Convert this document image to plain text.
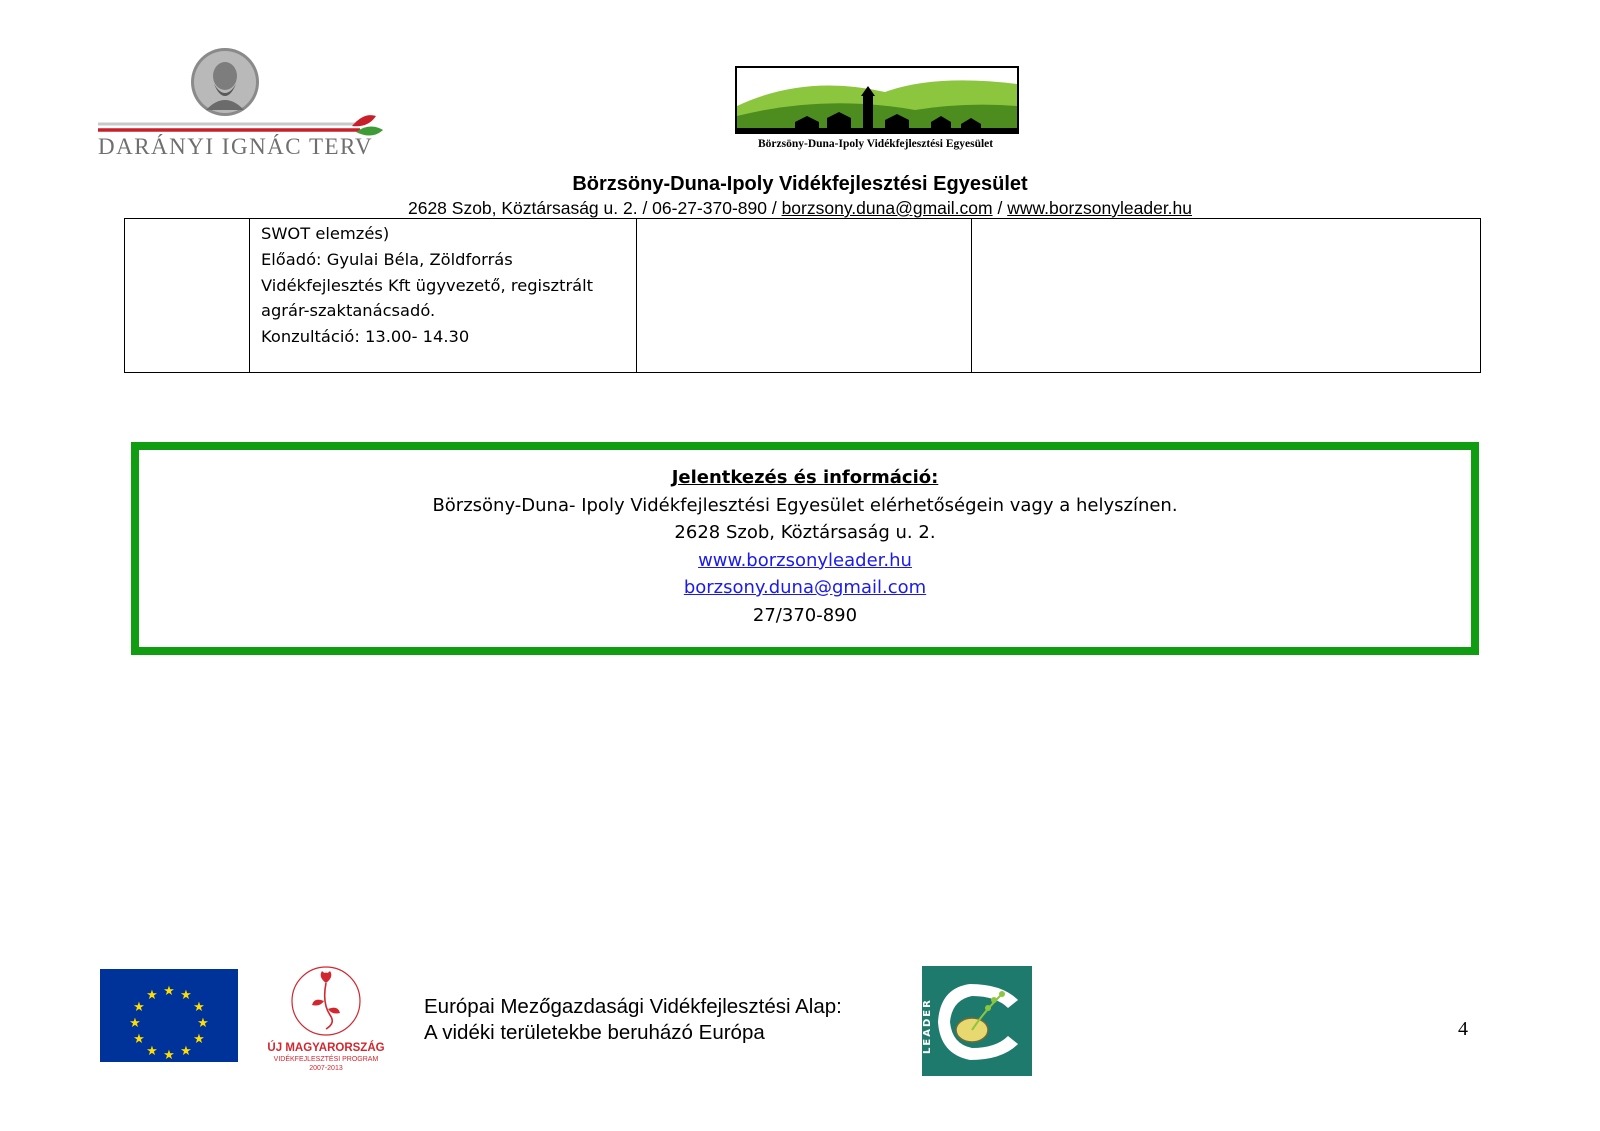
DARÁNYI IGNÁC TERV	Börzsöny-Duna-Ipoly Vidékfejlesztési Egyesület
Börzsöny-Duna-Ipoly Vidékfejlesztési Egyesület
2628 Szob, Köztársaság u. 2. / 06-27-370-890 / borzsony.duna@gmail.com / www.borzsonyleader.hu
SWOT elemzés)
Előadó: Gyulai Béla, Zöldforrás
Vidékfejlesztés Kft ügyvezető, regisztrált
agrár-szaktanácsadó.
Konzultáció: 13.00- 14.30
Jelentkezés és információ:
Börzsöny-Duna- Ipoly Vidékfejlesztési Egyesület elérhetőségein vagy a helyszínen.
2628 Szob, Köztársaság u. 2.
www.borzsonyleader.hu
borzsony.duna@gmail.com
27/370-890
★ ★
★
★
★
★
★
★
★
★
★
★
ÚJ MAGYARORSZÁG
VIDÉKFEJLESZTÉSI PROGRAM
2007-2013
Európai Mezőgazdasági Vidékfejlesztési Alap:
A vidéki területekbe beruházó Európa	LEADER	4
